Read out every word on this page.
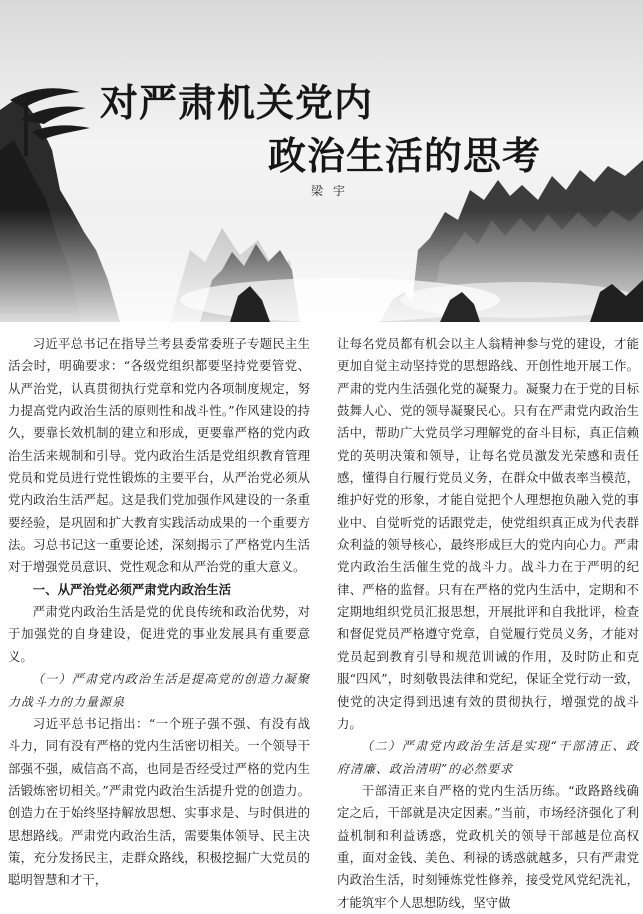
对严肃机关党内
政治生活的思考
梁宇

习近平总书记在指导兰考县委常委班子专题民主生活会时，明确要求：“各级党组织都要坚持党要管党、从严治党，认真贯彻执行党章和党内各项制度规定，努力提高党内政治生活的原则性和战斗性。”作风建设的持久，要靠长效机制的建立和形成，更要靠严格的党内政治生活来规制和引导。党内政治生活是党组织教育管理党员和党员进行党性锻炼的主要平台，从严治党必须从党内政治生活严起。这是我们党加强作风建设的一条重要经验，是巩固和扩大教育实践活动成果的一个重要方法。习总书记这一重要论述，深刻揭示了严格党内生活对于增强党员意识、党性观念和从严治党的重大意义。

一、从严治党必须严肃党内政治生活

严肃党内政治生活是党的优良传统和政治优势，对于加强党的自身建设，促进党的事业发展具有重要意义。

（一）严肃党内政治生活是提高党的创造力凝聚力战斗力的力量源泉

习近平总书记指出：“一个班子强不强、有没有战斗力，同有没有严格的党内生活密切相关。一个领导干部强不强，威信高不高，也同是否经受过严格的党内生活锻炼密切相关。”严肃党内政治生活提升党的创造力。创造力在于始终坚持解放思想、实事求是、与时俱进的思想路线。严肃党内政治生活，需要集体领导、民主决策，充分发扬民主，走群众路线，积极挖掘广大党员的聪明智慧和才干，

让每名党员都有机会以主人翁精神参与党的建设，才能更加自觉主动坚持党的思想路线、开创性地开展工作。严肃的党内生活强化党的凝聚力。凝聚力在于党的目标鼓舞人心、党的领导凝聚民心。只有在严肃党内政治生活中，帮助广大党员学习理解党的奋斗目标，真正信赖党的英明决策和领导，让每名党员激发光荣感和责任感，懂得自行履行党员义务，在群众中做表率当模范，维护好党的形象，才能自觉把个人理想抱负融入党的事业中、自觉听党的话跟党走，使党组织真正成为代表群众利益的领导核心，最终形成巨大的党内向心力。严肃党内政治生活催生党的战斗力。战斗力在于严明的纪律、严格的监督。只有在严格的党内生活中，定期和不定期地组织党员汇报思想，开展批评和自我批评，检查和督促党员严格遵守党章，自觉履行党员义务，才能对党员起到教育引导和规范训诫的作用，及时防止和克服“四风”，时刻敬畏法律和党纪，保证全党行动一致，使党的决定得到迅速有效的贯彻执行，增强党的战斗力。

（二）严肃党内政治生活是实现“干部清正、政府清廉、政治清明”的必然要求

干部清正来自严格的党内生活历练。“政路路线确定之后，干部就是决定因素。”当前，市场经济强化了利益机制和利益诱惑，党政机关的领导干部越是位高权重，面对金钱、美色、利禄的诱惑就越多，只有严肃党内政治生活，时刻锤炼党性修养，接受党风党纪洗礼，才能筑牢个人思想防线，坚守做
